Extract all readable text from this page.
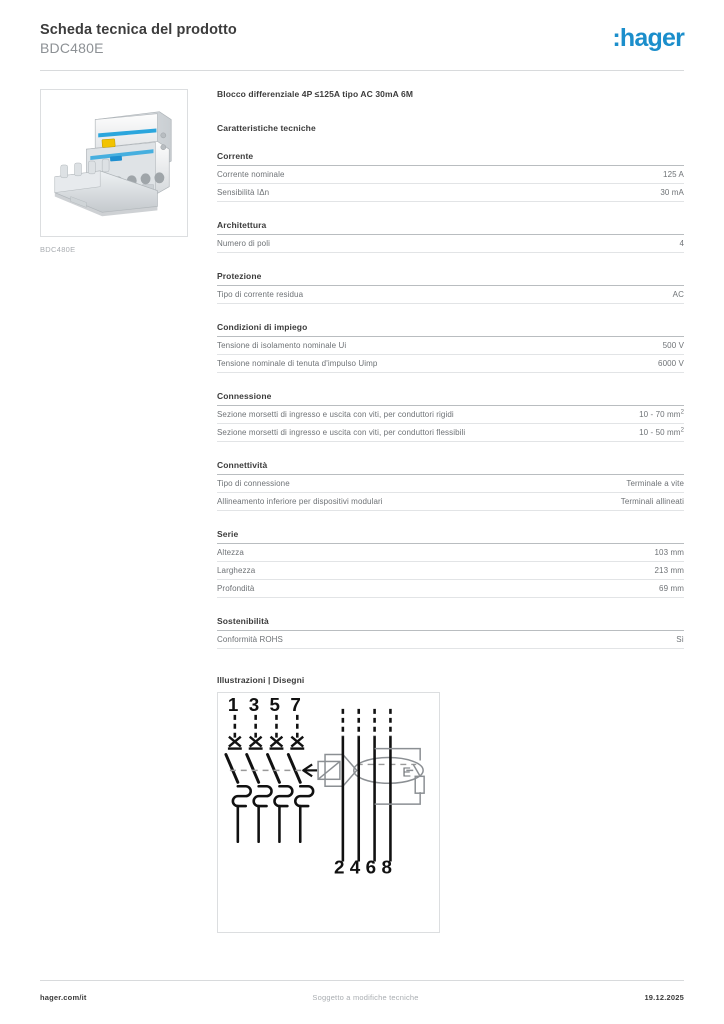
Scheda tecnica del prodotto
BDC480E	:hager
BDC480E
Blocco differenziale 4P ≤125A tipo AC 30mA 6M
Caratteristiche tecniche
Corrente
Corrente nominale	125 A
Sensibilità IΔn	30 mA
Architettura
Numero di poli	4
Protezione
Tipo di corrente residua	AC
Condizioni di impiego
Tensione di isolamento nominale Ui	500 V
Tensione nominale di tenuta d'impulso Uimp	6000 V
Connessione
Sezione morsetti di ingresso e uscita con viti, per conduttori rigidi	10 - 70 $mm^2$
Sezione morsetti di ingresso e uscita con viti, per conduttori flessibili	10 - 50 $mm^2$
Connettività
Tipo di connessione	Terminale a vite
Allineamento inferiore per dispositivi modulari	Terminali allineati
Serie
Altezza	103 mm
Larghezza	213 mm
Profondità	69 mm
Sostenibilità
Conformità ROHS	Sì
Illustrazioni | Disegni
1 3 5 7
2 4 6 8
E
hager.com/it	Soggetto a modifiche tecniche	19.12.2025
